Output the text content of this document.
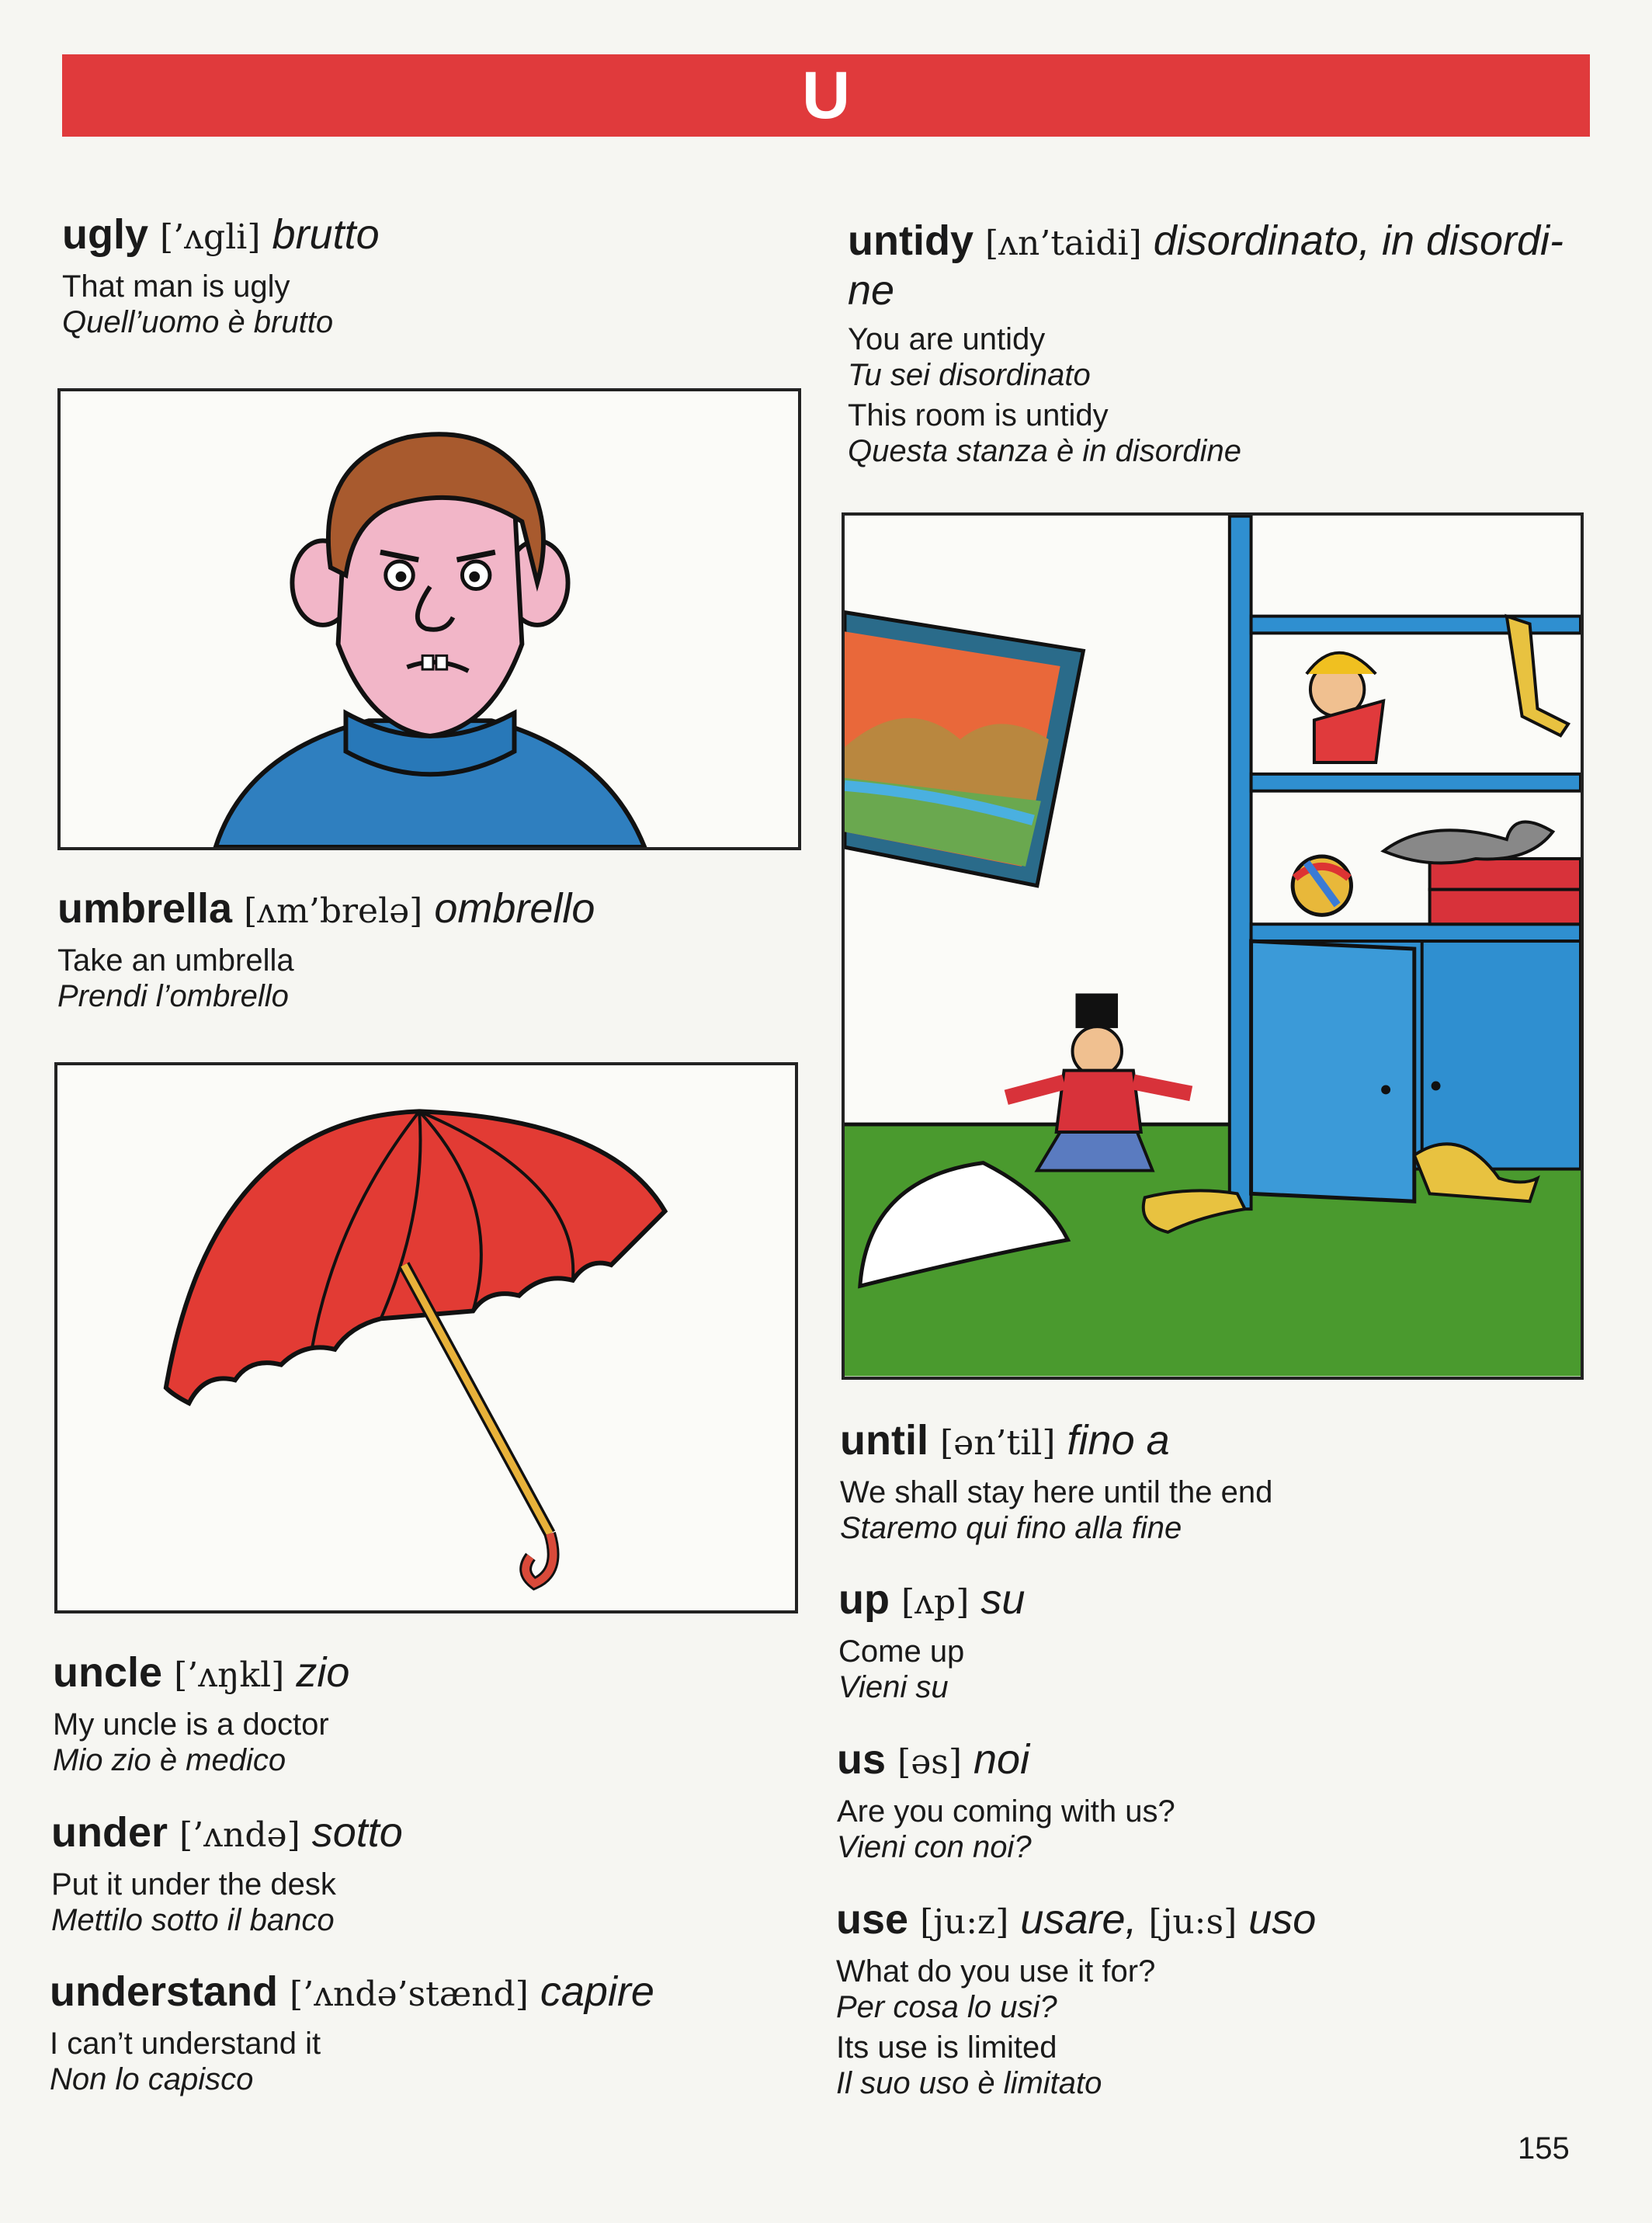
U
ugly [’ʌgli] brutto
That man is ugly
Quell’uomo è brutto
umbrella [ʌm’brelə] ombrello
Take an umbrella
Prendi l’ombrello
uncle [’ʌŋkl] zio
My uncle is a doctor
Mio zio è medico
under [’ʌndə] sotto
Put it under the desk
Mettilo sotto il banco
understand [’ʌndə’stænd] capire
I can’t understand it
Non lo capisco
untidy [ʌn’taidi] disordinato, in disordi-
ne
You are untidy
Tu sei disordinato
This room is untidy
Questa stanza è in disordine
until [ən’til] fino a
We shall stay here until the end
Staremo qui fino alla fine
up [ʌp] su
Come up
Vieni su
us [əs] noi
Are you coming with us?
Vieni con noi?
use [ju:z] usare, [ju:s] uso
What do you use it for?
Per cosa lo usi?
Its use is limited
Il suo uso è limitato
155
